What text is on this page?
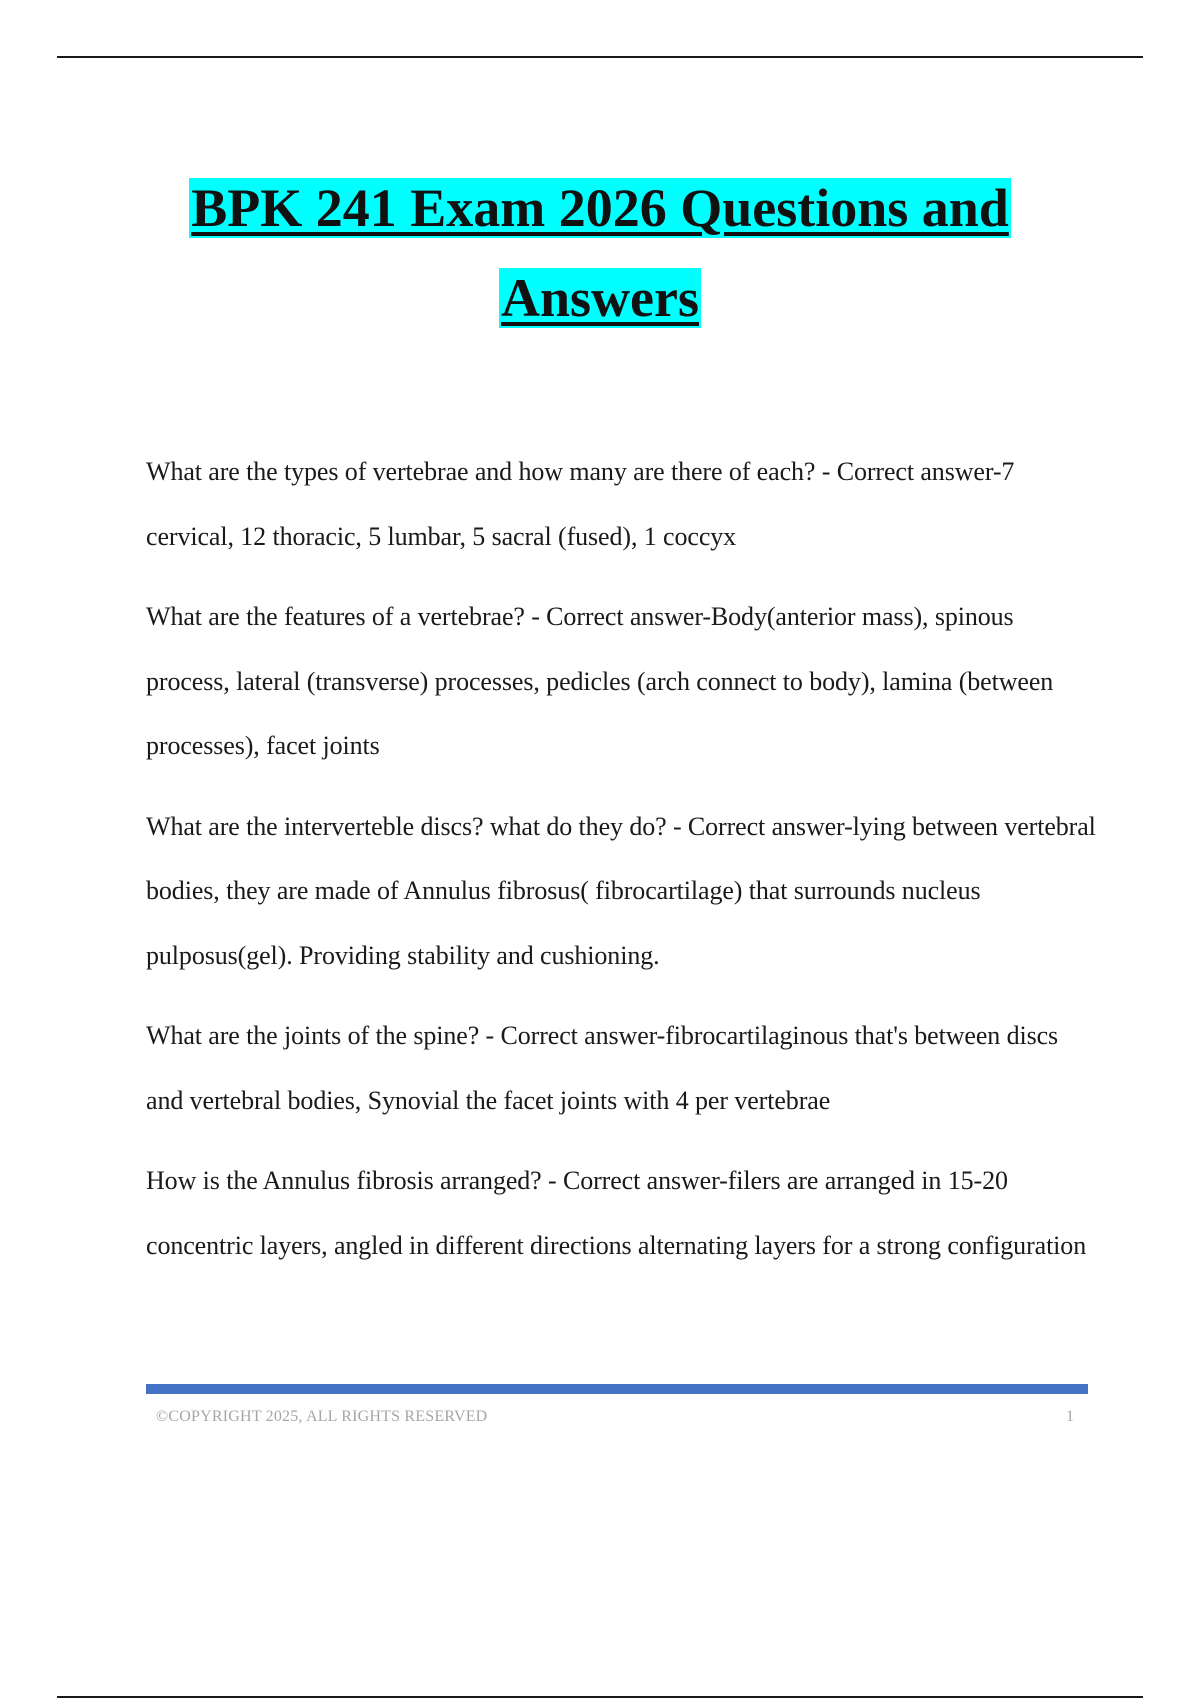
BPK 241 Exam 2026 Questions and
Answers

What are the types of vertebrae and how many are there of each? - Correct answer-7 cervical, 12 thoracic, 5 lumbar, 5 sacral (fused), 1 coccyx

What are the features of a vertebrae? - Correct answer-Body(anterior mass), spinous process, lateral (transverse) processes, pedicles (arch connect to body), lamina (between processes), facet joints

What are the interverteble discs? what do they do? - Correct answer-lying between vertebral bodies, they are made of Annulus fibrosus( fibrocartilage) that surrounds nucleus pulposus(gel). Providing stability and cushioning.

What are the joints of the spine? - Correct answer-fibrocartilaginous that's between discs and vertebral bodies, Synovial the facet joints with 4 per vertebrae

How is the Annulus fibrosis arranged? - Correct answer-filers are arranged in 15-20 concentric layers, angled in different directions alternating layers for a strong configuration

©COPYRIGHT 2025, ALL RIGHTS RESERVED	1
